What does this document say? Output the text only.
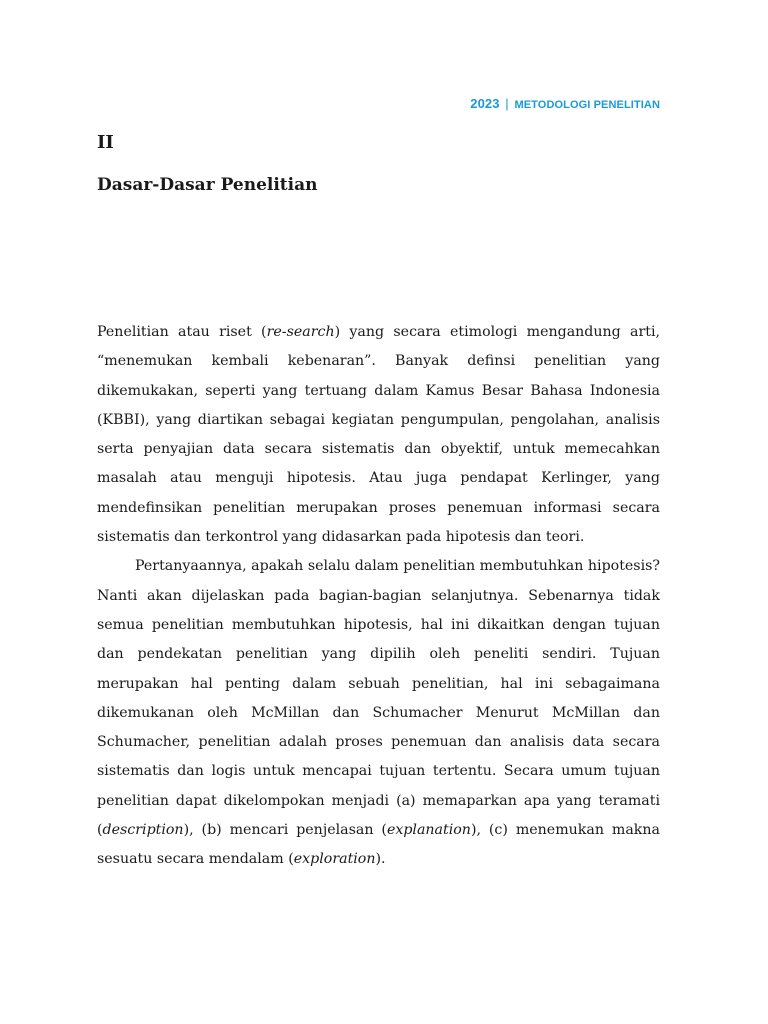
2023 | METODOLOGI PENELITIAN
II
Dasar-Dasar Penelitian

Penelitian atau riset (re-search) yang secara etimologi mengandung arti, “menemukan kembali kebenaran”. Banyak definsi penelitian yang dikemukakan, seperti yang tertuang dalam Kamus Besar Bahasa Indonesia (KBBI), yang diartikan sebagai kegiatan pengumpulan, pengolahan, analisis serta penyajian data secara sistematis dan obyektif, untuk memecahkan masalah atau menguji hipotesis. Atau juga pendapat Kerlinger, yang mendefinsikan penelitian merupakan proses penemuan informasi secara sistematis dan terkontrol yang didasarkan pada hipotesis dan teori.

Pertanyaannya, apakah selalu dalam penelitian membutuhkan hipotesis? Nanti akan dijelaskan pada bagian-bagian selanjutnya. Sebenarnya tidak semua penelitian membutuhkan hipotesis, hal ini dikaitkan dengan tujuan dan pendekatan penelitian yang dipilih oleh peneliti sendiri. Tujuan merupakan hal penting dalam sebuah penelitian, hal ini sebagaimana dikemukanan oleh McMillan dan Schumacher Menurut McMillan dan Schumacher, penelitian adalah proses penemuan dan analisis data secara sistematis dan logis untuk mencapai tujuan tertentu. Secara umum tujuan penelitian dapat dikelompokan menjadi (a) memaparkan apa yang teramati (description), (b) mencari penjelasan (explanation), (c) menemukan makna sesuatu secara mendalam (exploration).
